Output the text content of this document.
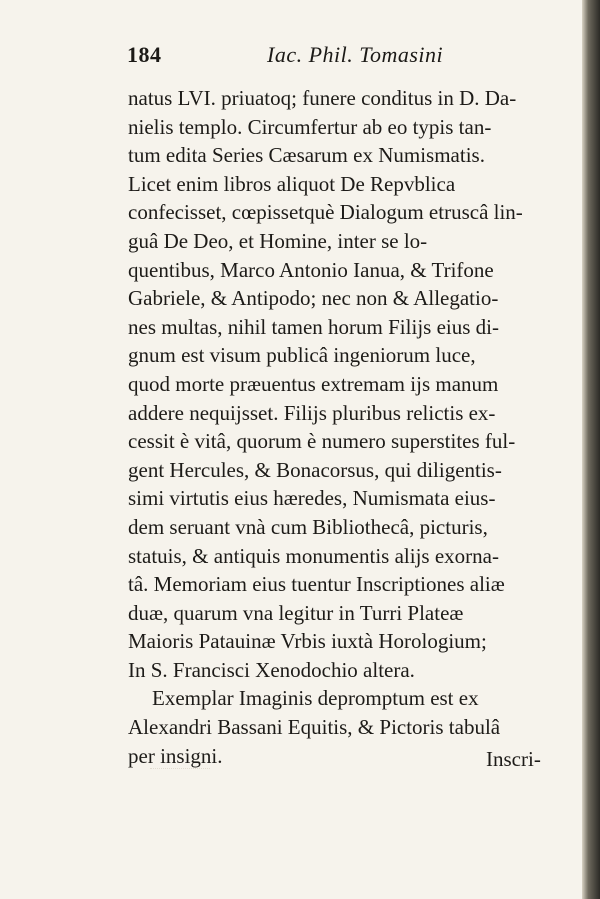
184	Iac. Phil. Tomasini
natus LVI. priuatoq; funere conditus in D. Da-
nielis templo. Circumfertur ab eo typis tan-
tum edita Series Cæsarum ex Numismatis.
Licet enim libros aliquot De Repvblica
confecisset, cœpissetquè Dialogum etruscâ lin-
guâ De Deo, et Homine, inter se lo-
quentibus, Marco Antonio Ianua, & Trifone
Gabriele, & Antipodo; nec non & Allegatio-
nes multas, nihil tamen horum Filijs eius di-
gnum est visum publicâ ingeniorum luce,
quod morte præuentus extremam ijs manum
addere nequijsset. Filijs pluribus relictis ex-
cessit è vitâ, quorum è numero superstites ful-
gent Hercules, & Bonacorsus, qui diligentis-
simi virtutis eius hæredes, Numismata eius-
dem seruant vnà cum Bibliothecâ, picturis,
statuis, & antiquis monumentis alijs exorna-
tâ. Memoriam eius tuentur Inscriptiones aliæ
duæ, quarum vna legitur in Turri Plateæ
Maioris Patauinæ Vrbis iuxtà Horologium;
In S. Francisci Xenodochio altera.
Exemplar Imaginis depromptum est ex
Alexandri Bassani Equitis, & Pictoris tabulâ
per insigni.	Inscri-
